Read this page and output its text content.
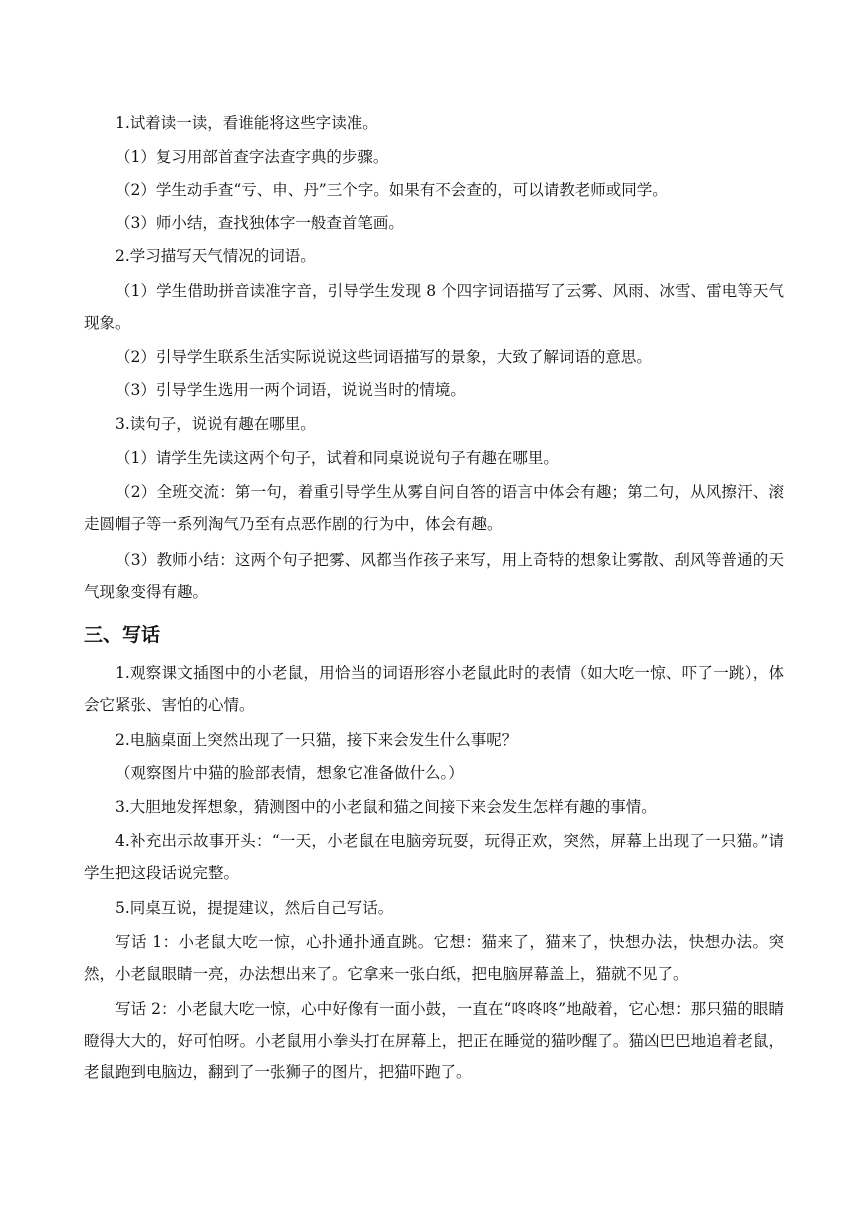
1.试着读一读，看谁能将这些字读准。

（1）复习用部首查字法查字典的步骤。

（2）学生动手查“亏、申、丹”三个字。如果有不会查的，可以请教老师或同学。

（3）师小结，查找独体字一般查首笔画。

2.学习描写天气情况的词语。

（1）学生借助拼音读准字音，引导学生发现 8 个四字词语描写了云雾、风雨、冰雪、雷电等天气现象。

（2）引导学生联系生活实际说说这些词语描写的景象，大致了解词语的意思。

（3）引导学生选用一两个词语，说说当时的情境。

3.读句子，说说有趣在哪里。

（1）请学生先读这两个句子，试着和同桌说说句子有趣在哪里。

（2）全班交流：第一句，着重引导学生从雾自问自答的语言中体会有趣；第二句，从风擦汗、滚走圆帽子等一系列淘气乃至有点恶作剧的行为中，体会有趣。

（3）教师小结：这两个句子把雾、风都当作孩子来写，用上奇特的想象让雾散、刮风等普通的天气现象变得有趣。

三、写话

1.观察课文插图中的小老鼠，用恰当的词语形容小老鼠此时的表情（如大吃一惊、吓了一跳），体会它紧张、害怕的心情。

2.电脑桌面上突然出现了一只猫，接下来会发生什么事呢？

（观察图片中猫的脸部表情，想象它准备做什么。）

3.大胆地发挥想象，猜测图中的小老鼠和猫之间接下来会发生怎样有趣的事情。

4.补充出示故事开头：“一天，小老鼠在电脑旁玩耍，玩得正欢，突然，屏幕上出现了一只猫。”请学生把这段话说完整。

5.同桌互说，提提建议，然后自己写话。

写话 1：小老鼠大吃一惊，心扑通扑通直跳。它想：猫来了，猫来了，快想办法，快想办法。突然，小老鼠眼睛一亮，办法想出来了。它拿来一张白纸，把电脑屏幕盖上，猫就不见了。

写话 2：小老鼠大吃一惊，心中好像有一面小鼓，一直在“咚咚咚”地敲着，它心想：那只猫的眼睛瞪得大大的，好可怕呀。小老鼠用小拳头打在屏幕上，把正在睡觉的猫吵醒了。猫凶巴巴地追着老鼠，老鼠跑到电脑边，翻到了一张狮子的图片，把猫吓跑了。
